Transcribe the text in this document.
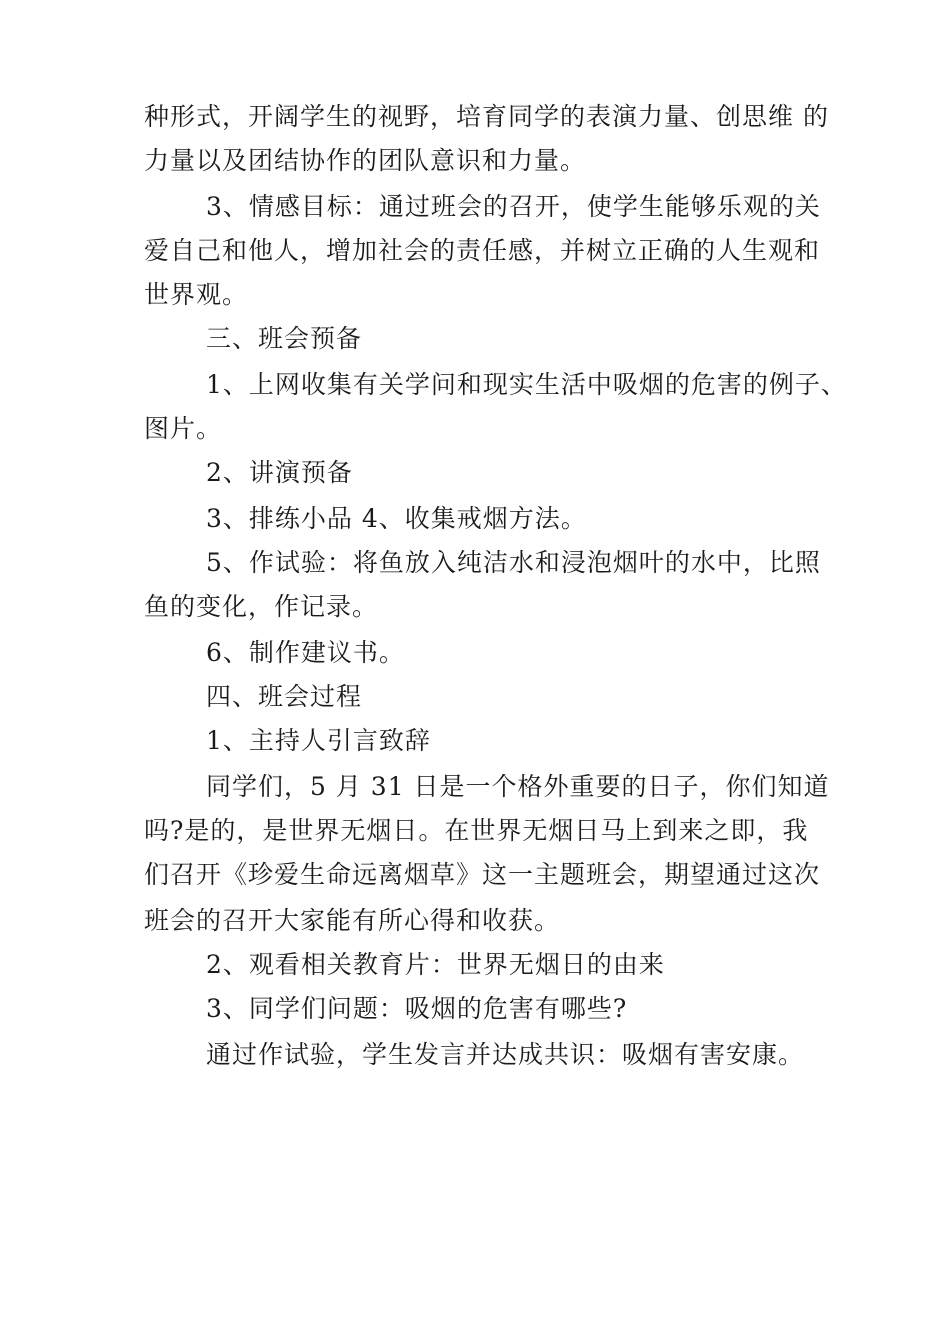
种形式，开阔学生的视野，培育同学的表演力量、创思维 的

力量以及团结协作的团队意识和力量。

3、情感目标：通过班会的召开，使学生能够乐观的关

爱自己和他人，增加社会的责任感，并树立正确的人生观和

世界观。

三、班会预备

1、上网收集有关学问和现实生活中吸烟的危害的例子、

图片。

2、讲演预备

3、排练小品 4、收集戒烟方法。

5、作试验：将鱼放入纯洁水和浸泡烟叶的水中，比照

鱼的变化，作记录。

6、制作建议书。

四、班会过程

1、主持人引言致辞

同学们，5 月 31 日是一个格外重要的日子，你们知道

吗?是的，是世界无烟日。在世界无烟日马上到来之即，我

们召开《珍爱生命远离烟草》这一主题班会，期望通过这次

班会的召开大家能有所心得和收获。

2、观看相关教育片：世界无烟日的由来

3、同学们问题：吸烟的危害有哪些?

通过作试验，学生发言并达成共识：吸烟有害安康。
